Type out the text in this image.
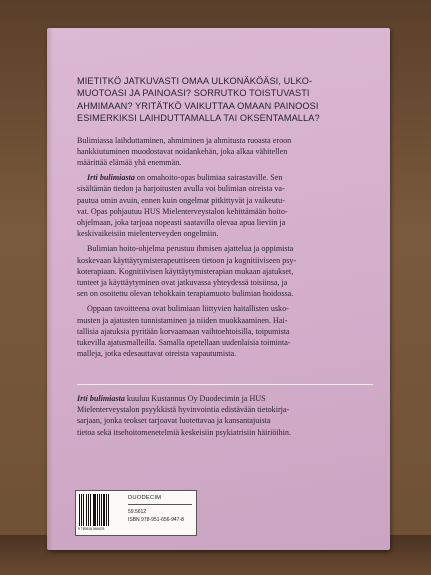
MIETITKÖ JATKUVASTI OMAA ULKONÄKÖÄSI, ULKO-
MUOTOASI JA PAINOASI? SORRUTKO TOISTUVASTI
AHMIMAAN? YRITÄTKÖ VAIKUTTAA OMAAN PAINOOSI
ESIMERKIKSI LAIHDUTTAMALLA TAI OKSENTAMALLA?
Bulimiassa laihduttaminen, ahmiminen ja ahmitusta ruoasta eroon
hankkiutuminen muodostavat noidankehän, joka alkaa vähitellen
määrittää elämää yhä enemmän.
Irti bulimiasta on omahoito-opas bulimiaa sairastaville. Sen
sisältämän tiedon ja harjoitusten avulla voi bulimian oireista va-
pautua omin avuin, ennen kuin ongelmat pitkittyvät ja vaikeutu-
vat. Opas pohjautuu HUS Mielenterveystalon kehittämään hoito-
ohjelmaan, joka tarjoaa nopeasti saatavilla olevaa apua lieviin ja
keskivaikeisiin mielenterveyden ongelmiin.
Bulimian hoito-ohjelma perustuu ihmisen ajattelua ja oppimista
koskevaan käyttäytymisterapeuttiseen tietoon ja kognitiiviseen psy-
koterapiaan. Kognitiivisen käyttäytymisterapian mukaan ajatukset,
tunteet ja käyttäytyminen ovat jatkuvassa yhteydessä toisiinsa, ja
sen on osoitettu olevan tehokkain terapiamuoto bulimian hoidossa.
Oppaan tavoitteena ovat bulimiaan liittyvien haitallisten usko-
musten ja ajatusten tunnistaminen ja niiden muokkaaminen. Hai-
tallisia ajatuksia pyritään korvaamaan vaihtoehtoisilla, toipumista
tukevilla ajatusmalleilla. Samalla opetellaan uudenlaisia toiminta-
malleja, jotka edesauttavat oireista vapautumista.
Irti bulimiasta kuuluu Kustannus Oy Duodecimin ja HUS
Mielenterveystalon psyykkistä hyvinvointia edistävään tietokirja-
sarjaan, jonka teokset tarjoavat luotettavaa ja kansantajuista
tietoa sekä itsehoitomenetelmiä keskeisiin psykiatrisiin häiriöihin.
9 789516 569478
DUODECIM
59.5612
ISBN 978-951-656-947-8
